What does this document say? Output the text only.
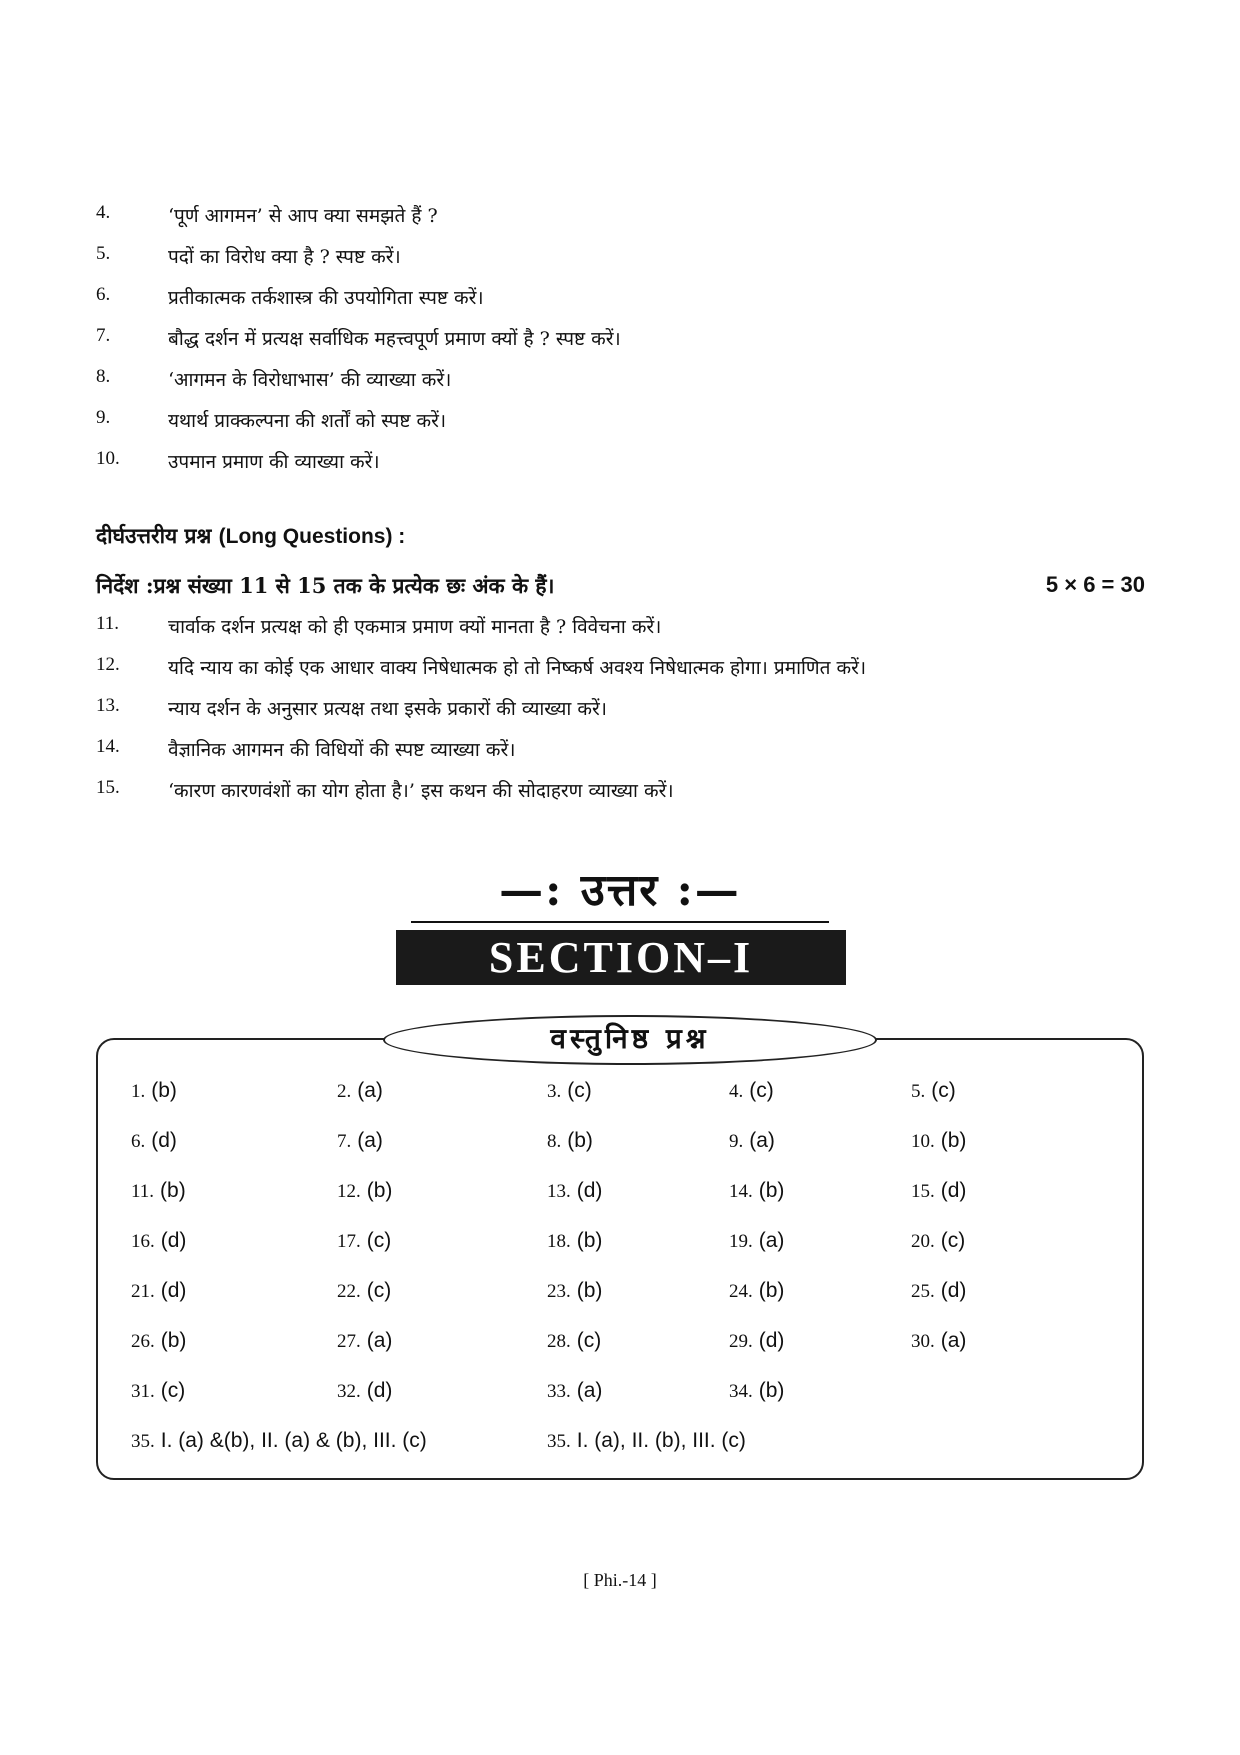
4.	‘पूर्ण आगमन’ से आप क्या समझते हैं ?
5.	पदों का विरोध क्या है ? स्पष्ट करें।
6.	प्रतीकात्मक तर्कशास्त्र की उपयोगिता स्पष्ट करें।
7.	बौद्ध दर्शन में प्रत्यक्ष सर्वाधिक महत्त्वपूर्ण प्रमाण क्यों है ? स्पष्ट करें।
8.	‘आगमन के विरोधाभास’ की व्याख्या करें।
9.	यथार्थ प्राक्कल्पना की शर्तों को स्पष्ट करें।
10.	उपमान प्रमाण की व्याख्या करें।
दीर्घउत्तरीय प्रश्न (Long Questions) :
निर्देश :प्रश्न संख्या 11 से 15 तक के प्रत्येक छः अंक के हैं।	5 × 6 = 30
11.	चार्वाक दर्शन प्रत्यक्ष को ही एकमात्र प्रमाण क्यों मानता है ? विवेचना करें।
12.	यदि न्याय का कोई एक आधार वाक्य निषेधात्मक हो तो निष्कर्ष अवश्य निषेधात्मक होगा। प्रमाणित करें।
13.	न्याय दर्शन के अनुसार प्रत्यक्ष तथा इसके प्रकारों की व्याख्या करें।
14.	वैज्ञानिक आगमन की विधियों की स्पष्ट व्याख्या करें।
15.	‘कारण कारणवंशों का योग होता है।’ इस कथन की सोदाहरण व्याख्या करें।
—: उत्तर :—
SECTION–I
वस्तुनिष्ठ प्रश्न
1. (b)	2. (a)	3. (c)	4. (c)	5. (c)
6. (d)	7. (a)	8. (b)	9. (a)	10. (b)
11. (b)	12. (b)	13. (d)	14. (b)	15. (d)
16. (d)	17. (c)	18. (b)	19. (a)	20. (c)
21. (d)	22. (c)	23. (b)	24. (b)	25. (d)
26. (b)	27. (a)	28. (c)	29. (d)	30. (a)
31. (c)	32. (d)	33. (a)	34. (b)
35. I. (a) &(b), II. (a) & (b), III. (c)	35. I. (a), II. (b), III. (c)
[ Phi.-14 ]
